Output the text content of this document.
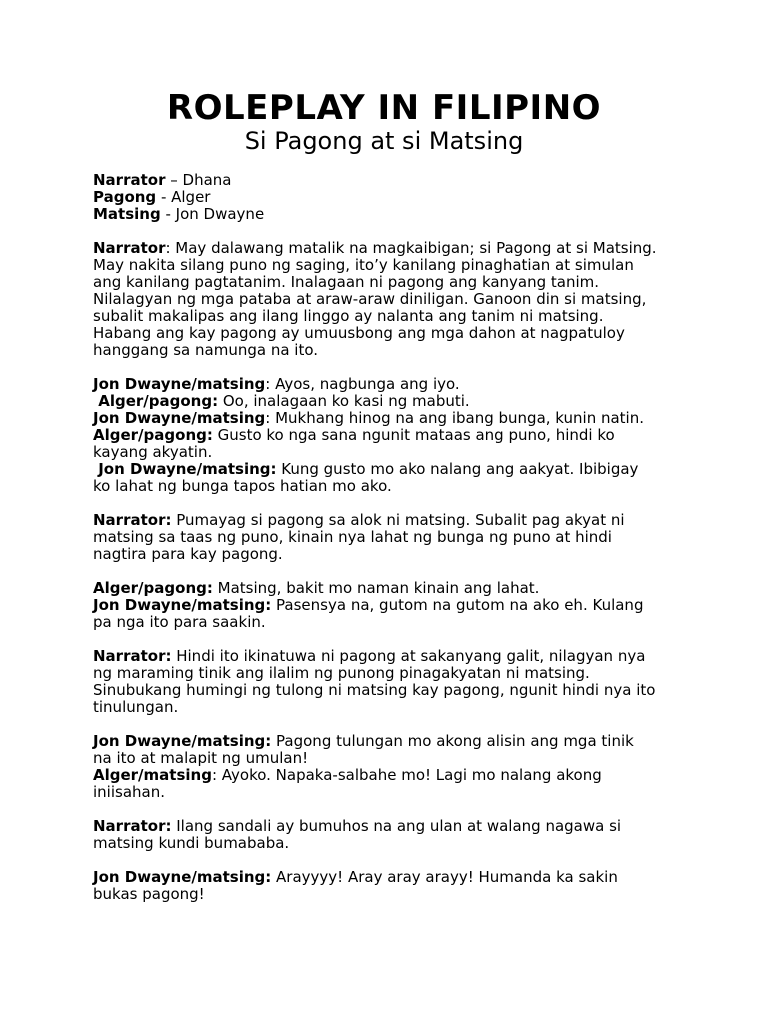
ROLEPLAY IN FILIPINO
Si Pagong at si Matsing
Narrator – Dhana
Pagong - Alger
Matsing - Jon Dwayne
Narrator: May dalawang matalik na magkaibigan; si Pagong at si Matsing.
May nakita silang puno ng saging, ito’y kanilang pinaghatian at simulan
ang kanilang pagtatanim. Inalagaan ni pagong ang kanyang tanim.
Nilalagyan ng mga pataba at araw-araw diniligan. Ganoon din si matsing,
subalit makalipas ang ilang linggo ay nalanta ang tanim ni matsing.
Habang ang kay pagong ay umuusbong ang mga dahon at nagpatuloy
hanggang sa namunga na ito.
Jon Dwayne/matsing: Ayos, nagbunga ang iyo.
Alger/pagong: Oo, inalagaan ko kasi ng mabuti.
Jon Dwayne/matsing: Mukhang hinog na ang ibang bunga, kunin natin.
Alger/pagong: Gusto ko nga sana ngunit mataas ang puno, hindi ko
kayang akyatin.
Jon Dwayne/matsing: Kung gusto mo ako nalang ang aakyat. Ibibigay
ko lahat ng bunga tapos hatian mo ako.
Narrator: Pumayag si pagong sa alok ni matsing. Subalit pag akyat ni
matsing sa taas ng puno, kinain nya lahat ng bunga ng puno at hindi
nagtira para kay pagong.
Alger/pagong: Matsing, bakit mo naman kinain ang lahat.
Jon Dwayne/matsing: Pasensya na, gutom na gutom na ako eh. Kulang
pa nga ito para saakin.
Narrator: Hindi ito ikinatuwa ni pagong at sakanyang galit, nilagyan nya
ng maraming tinik ang ilalim ng punong pinagakyatan ni matsing.
Sinubukang humingi ng tulong ni matsing kay pagong, ngunit hindi nya ito
tinulungan.
Jon Dwayne/matsing: Pagong tulungan mo akong alisin ang mga tinik
na ito at malapit ng umulan!
Alger/matsing: Ayoko. Napaka-salbahe mo! Lagi mo nalang akong
iniisahan.
Narrator: Ilang sandali ay bumuhos na ang ulan at walang nagawa si
matsing kundi bumababa.
Jon Dwayne/matsing: Arayyyy! Aray aray arayy! Humanda ka sakin
bukas pagong!
